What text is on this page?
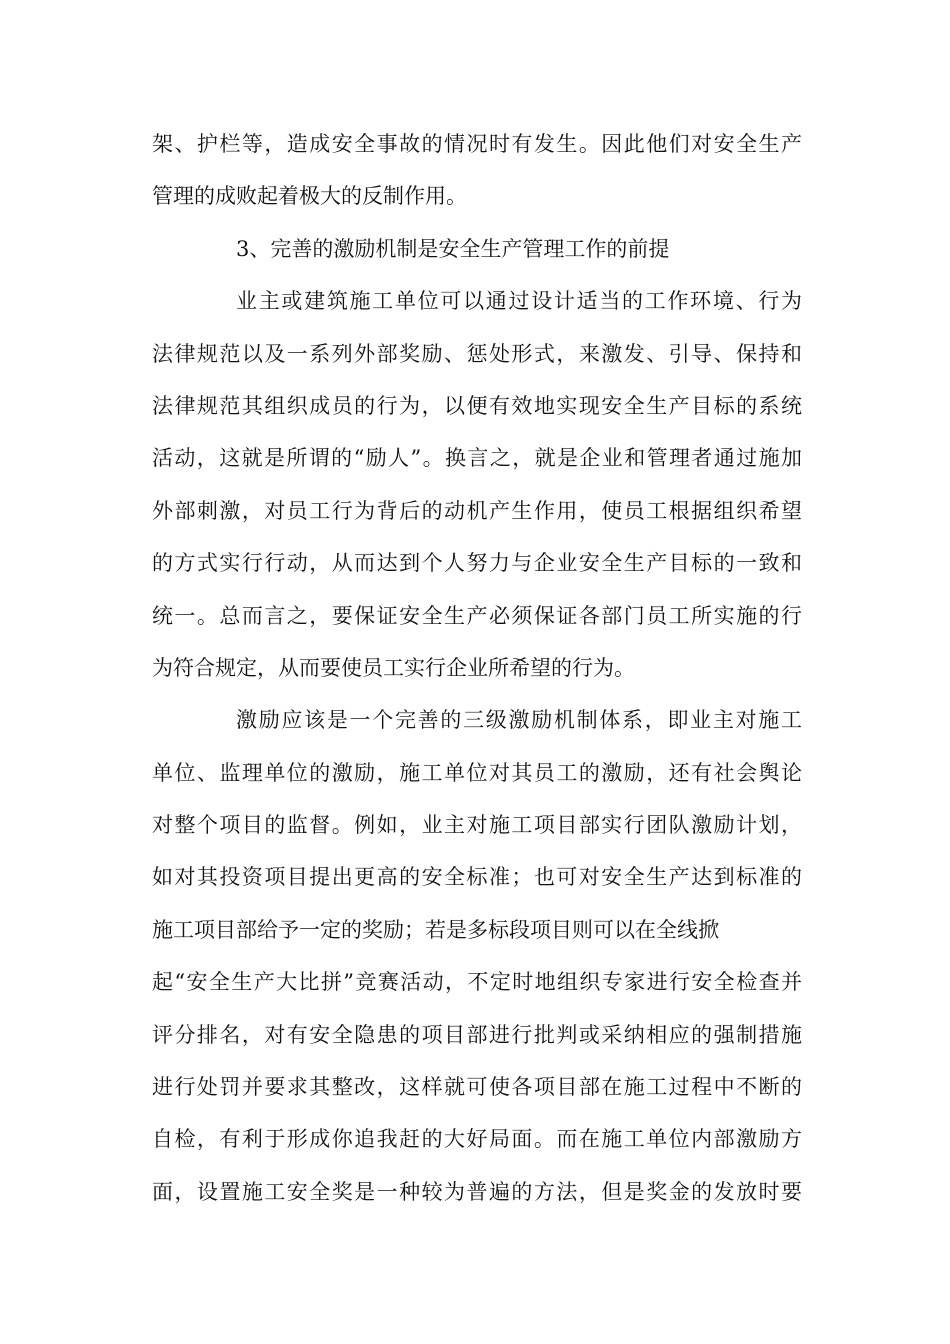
架、护栏等，造成安全事故的情况时有发生。因此他们对安全生产
管理的成败起着极大的反制作用。
3、完善的激励机制是安全生产管理工作的前提
业主或建筑施工单位可以通过设计适当的工作环境、行为
法律规范以及一系列外部奖励、惩处形式，来激发、引导、保持和
法律规范其组织成员的行为，以便有效地实现安全生产目标的系统
活动，这就是所谓的“励人”。换言之，就是企业和管理者通过施加
外部刺激，对员工行为背后的动机产生作用，使员工根据组织希望
的方式实行行动，从而达到个人努力与企业安全生产目标的一致和
统一。总而言之，要保证安全生产必须保证各部门员工所实施的行
为符合规定，从而要使员工实行企业所希望的行为。
激励应该是一个完善的三级激励机制体系，即业主对施工
单位、监理单位的激励，施工单位对其员工的激励，还有社会舆论
对整个项目的监督。例如，业主对施工项目部实行团队激励计划，
如对其投资项目提出更高的安全标准；也可对安全生产达到标准的
施工项目部给予一定的奖励；若是多标段项目则可以在全线掀
起“安全生产大比拼”竞赛活动，不定时地组织专家进行安全检查并
评分排名，对有安全隐患的项目部进行批判或采纳相应的强制措施
进行处罚并要求其整改，这样就可使各项目部在施工过程中不断的
自检，有利于形成你追我赶的大好局面。而在施工单位内部激励方
面，设置施工安全奖是一种较为普遍的方法，但是奖金的发放时要
